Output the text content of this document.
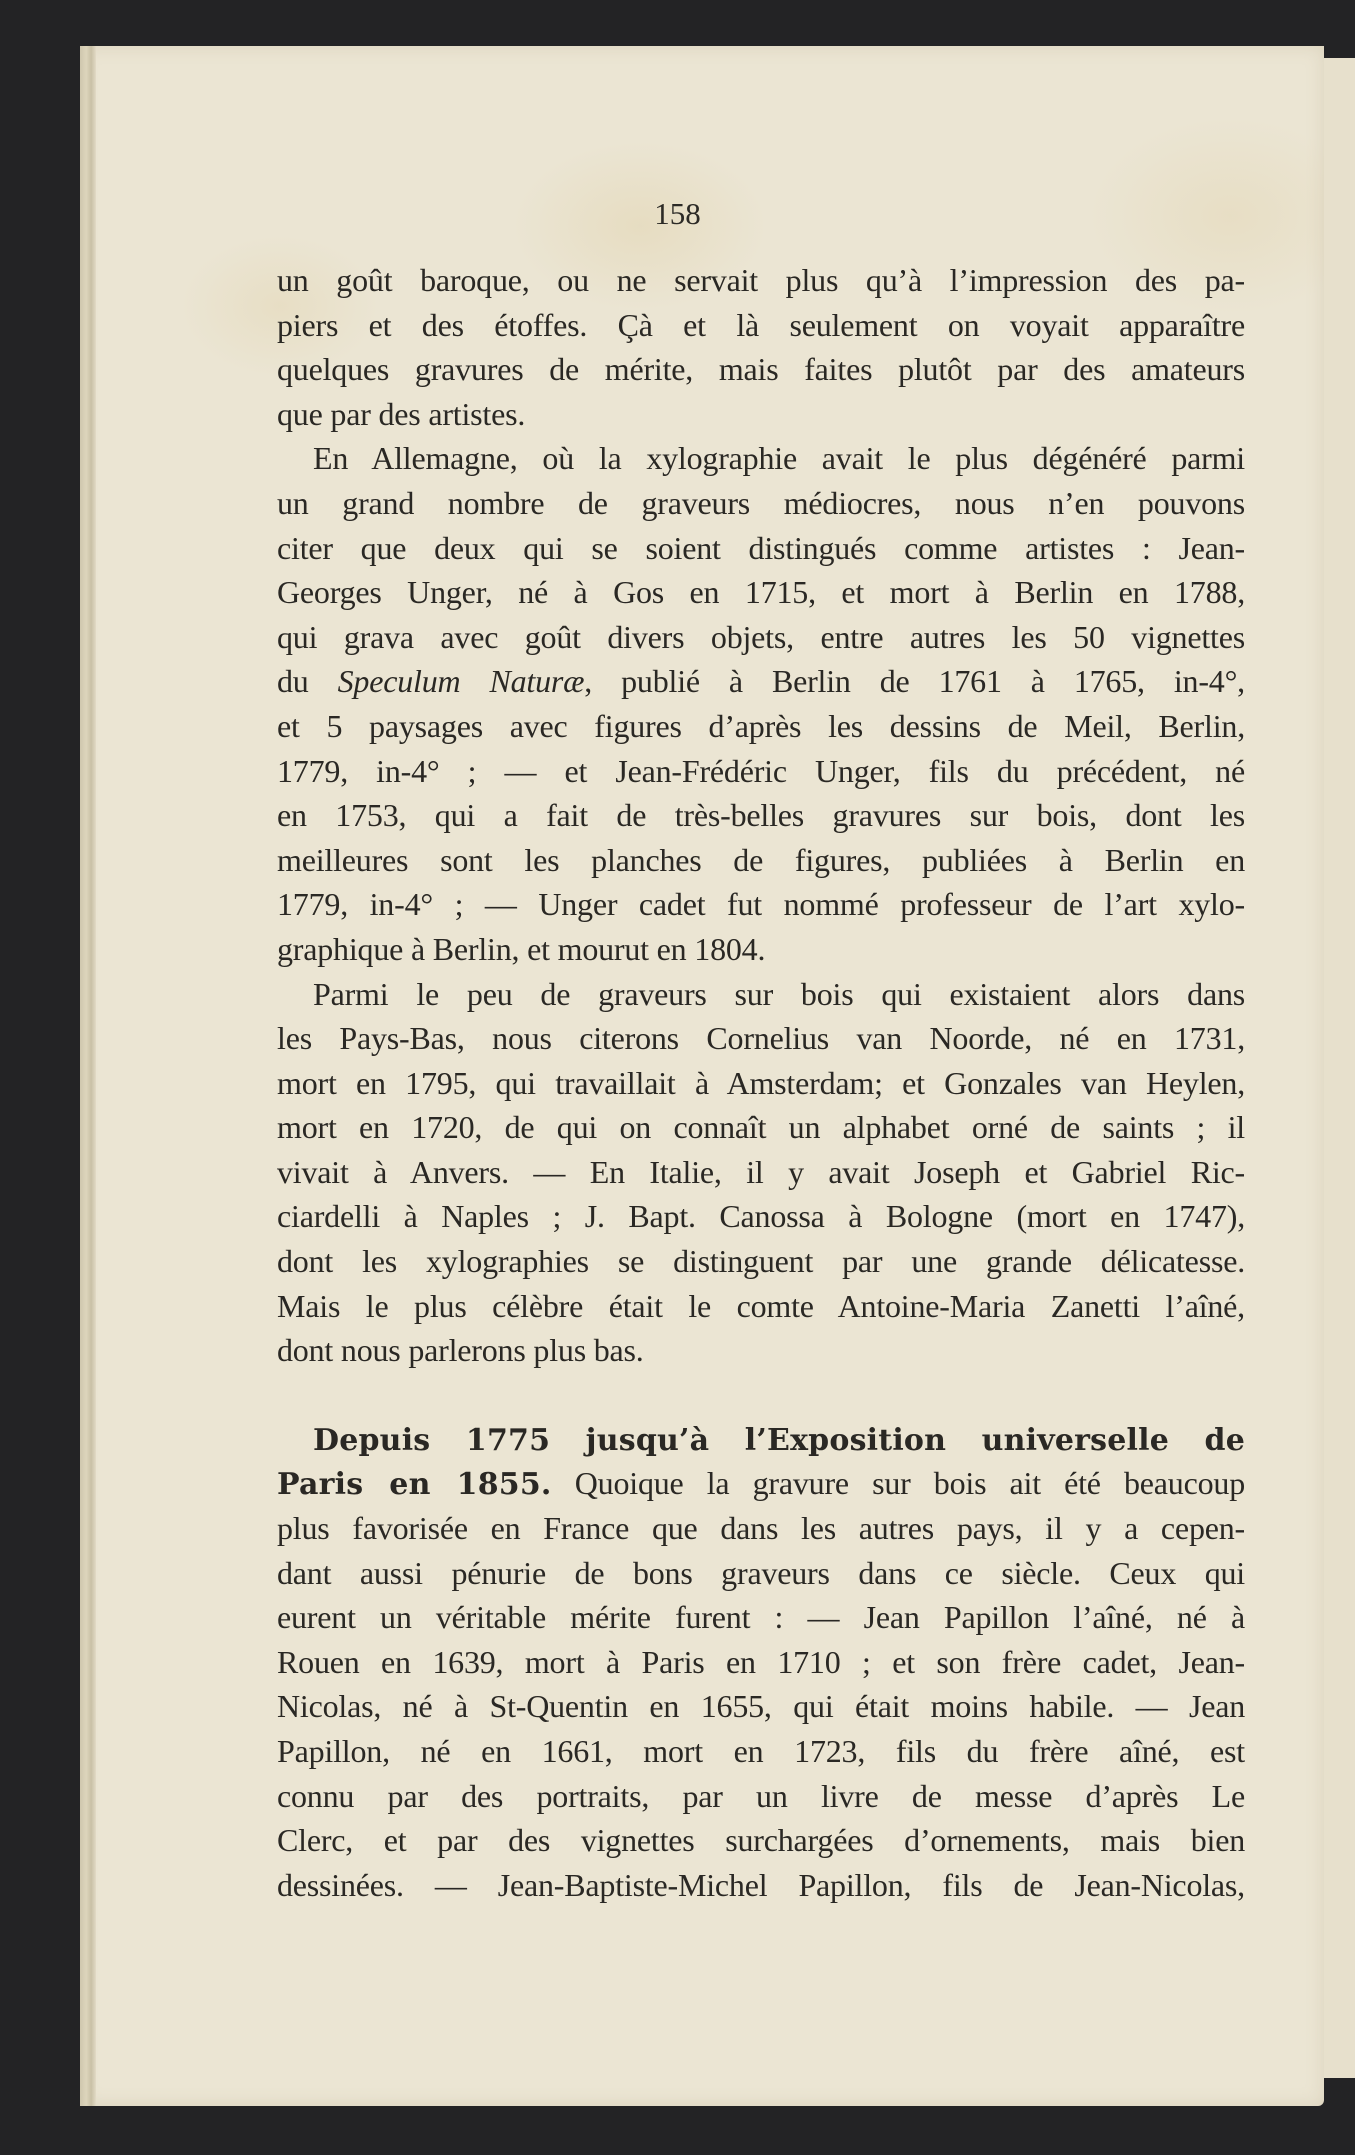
158
un goût baroque, ou ne servait plus qu’à l’impression des pa-
piers et des étoffes. Çà et là seulement on voyait apparaître
quelques gravures de mérite, mais faites plutôt par des amateurs
que par des artistes.
En Allemagne, où la xylographie avait le plus dégénéré parmi
un grand nombre de graveurs médiocres, nous n’en pouvons
citer que deux qui se soient distingués comme artistes : Jean-
Georges Unger, né à Gos en 1715, et mort à Berlin en 1788,
qui grava avec goût divers objets, entre autres les 50 vignettes
du Speculum Naturæ, publié à Berlin de 1761 à 1765, in-4°,
et 5 paysages avec figures d’après les dessins de Meil, Berlin,
1779, in-4° ; — et Jean-Frédéric Unger, fils du précédent, né
en 1753, qui a fait de très-belles gravures sur bois, dont les
meilleures sont les planches de figures, publiées à Berlin en
1779, in-4° ; — Unger cadet fut nommé professeur de l’art xylo-
graphique à Berlin, et mourut en 1804.
Parmi le peu de graveurs sur bois qui existaient alors dans
les Pays-Bas, nous citerons Cornelius van Noorde, né en 1731,
mort en 1795, qui travaillait à Amsterdam; et Gonzales van Heylen,
mort en 1720, de qui on connaît un alphabet orné de saints ; il
vivait à Anvers. — En Italie, il y avait Joseph et Gabriel Ric-
ciardelli à Naples ; J. Bapt. Canossa à Bologne (mort en 1747),
dont les xylographies se distinguent par une grande délicatesse.
Mais le plus célèbre était le comte Antoine-Maria Zanetti l’aîné,
dont nous parlerons plus bas.
Depuis 1775 jusqu’à l’Exposition universelle de
Paris en 1855. Quoique la gravure sur bois ait été beaucoup
plus favorisée en France que dans les autres pays, il y a cepen-
dant aussi pénurie de bons graveurs dans ce siècle. Ceux qui
eurent un véritable mérite furent : — Jean Papillon l’aîné, né à
Rouen en 1639, mort à Paris en 1710 ; et son frère cadet, Jean-
Nicolas, né à St-Quentin en 1655, qui était moins habile. — Jean
Papillon, né en 1661, mort en 1723, fils du frère aîné, est
connu par des portraits, par un livre de messe d’après Le
Clerc, et par des vignettes surchargées d’ornements, mais bien
dessinées. — Jean-Baptiste-Michel Papillon, fils de Jean-Nicolas,
